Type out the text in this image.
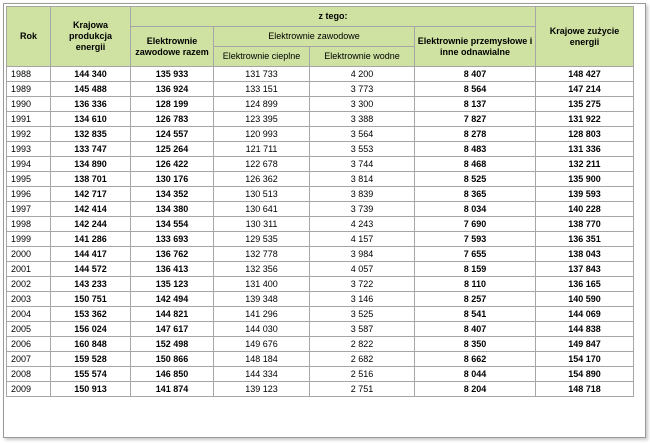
Rok	Krajowa produkcja energii	z tego:				Krajowe zużycie energii
		Elektrownie zawodowe razem	Elektrownie zawodowe		Elektrownie przemysłowe i inne odnawialne	
			Elektrownie cieplne	Elektrownie wodne		
1988	144 340	135 933	131 733	4 200	8 407	148 427
1989	145 488	136 924	133 151	3 773	8 564	147 214
1990	136 336	128 199	124 899	3 300	8 137	135 275
1991	134 610	126 783	123 395	3 388	7 827	131 922
1992	132 835	124 557	120 993	3 564	8 278	128 803
1993	133 747	125 264	121 711	3 553	8 483	131 336
1994	134 890	126 422	122 678	3 744	8 468	132 211
1995	138 701	130 176	126 362	3 814	8 525	135 900
1996	142 717	134 352	130 513	3 839	8 365	139 593
1997	142 414	134 380	130 641	3 739	8 034	140 228
1998	142 244	134 554	130 311	4 243	7 690	138 770
1999	141 286	133 693	129 535	4 157	7 593	136 351
2000	144 417	136 762	132 778	3 984	7 655	138 043
2001	144 572	136 413	132 356	4 057	8 159	137 843
2002	143 233	135 123	131 400	3 722	8 110	136 165
2003	150 751	142 494	139 348	3 146	8 257	140 590
2004	153 362	144 821	141 296	3 525	8 541	144 069
2005	156 024	147 617	144 030	3 587	8 407	144 838
2006	160 848	152 498	149 676	2 822	8 350	149 847
2007	159 528	150 866	148 184	2 682	8 662	154 170
2008	155 574	146 850	144 334	2 516	8 044	154 890
2009	150 913	141 874	139 123	2 751	8 204	148 718
